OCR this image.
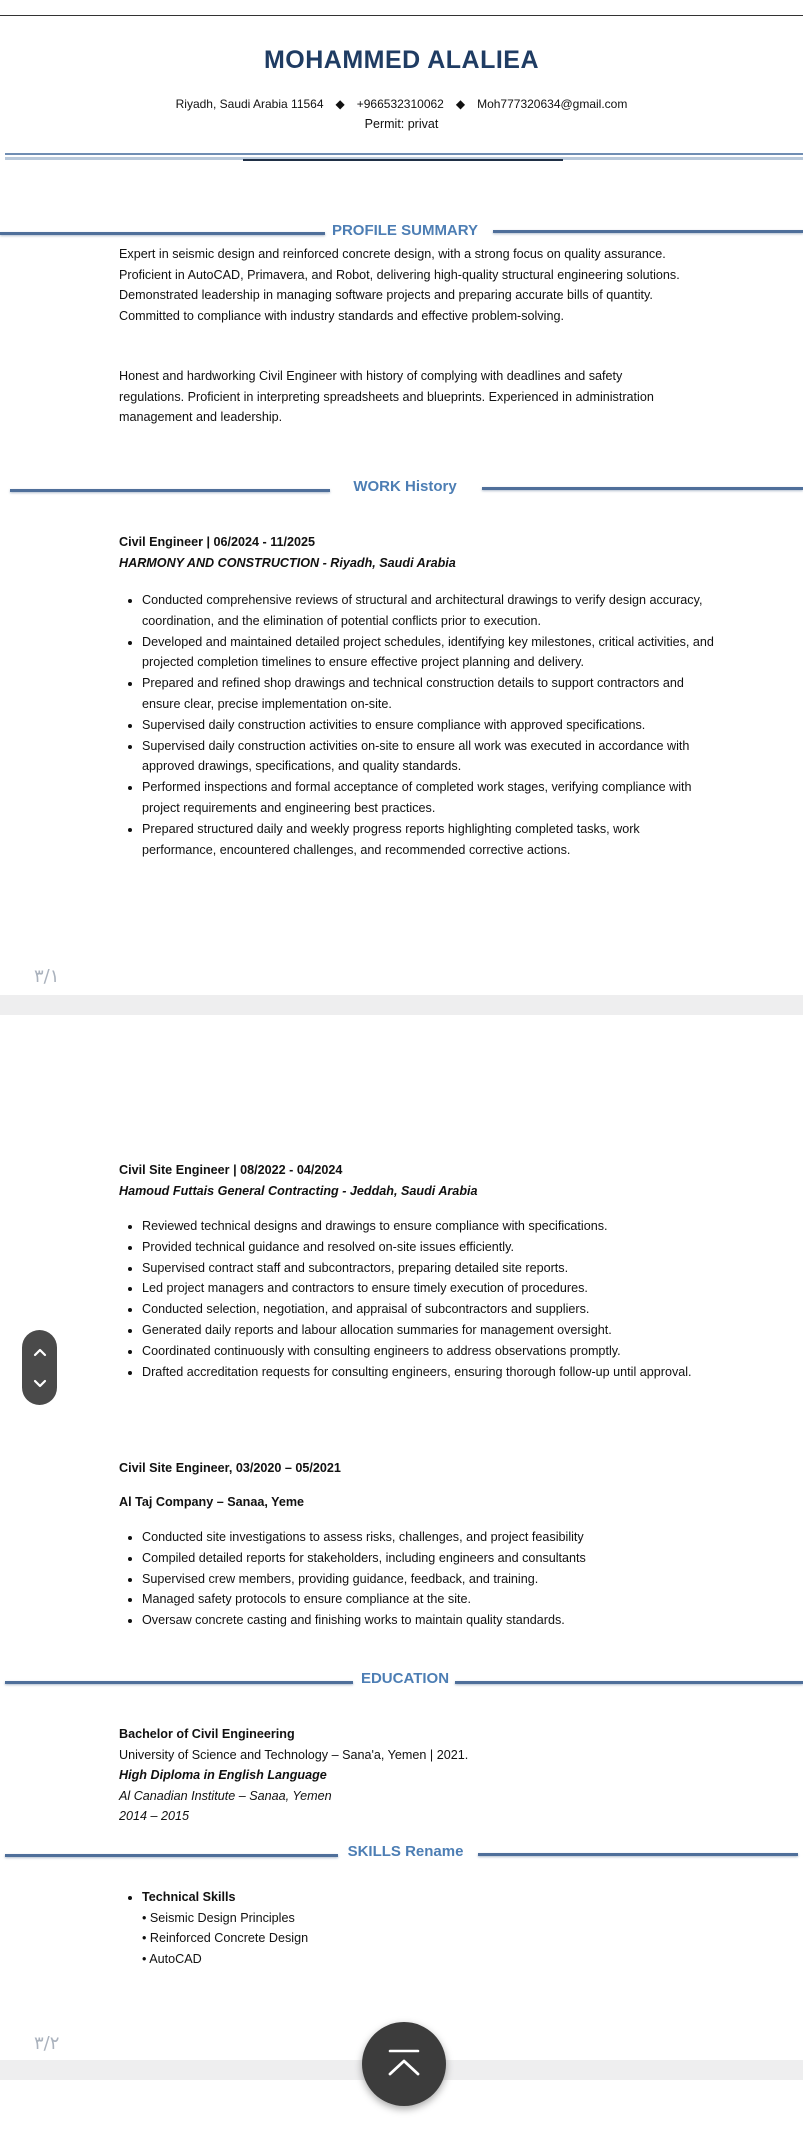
MOHAMMED ALALIEA
Riyadh, Saudi Arabia 11564 ◆ +966532310062 ◆ Moh777320634@gmail.com
Permit: privat
PROFILE SUMMARY
Expert in seismic design and reinforced concrete design, with a strong focus on quality assurance. Proficient in AutoCAD, Primavera, and Robot, delivering high-quality structural engineering solutions. Demonstrated leadership in managing software projects and preparing accurate bills of quantity. Committed to compliance with industry standards and effective problem-solving.
Honest and hardworking Civil Engineer with history of complying with deadlines and safety regulations. Proficient in interpreting spreadsheets and blueprints. Experienced in administration management and leadership.
WORK History
Civil Engineer | 06/2024 - 11/2025
HARMONY AND CONSTRUCTION - Riyadh, Saudi Arabia
• Conducted comprehensive reviews of structural and architectural drawings to verify design accuracy, coordination, and the elimination of potential conflicts prior to execution.
• Developed and maintained detailed project schedules, identifying key milestones, critical activities, and projected completion timelines to ensure effective project planning and delivery.
• Prepared and refined shop drawings and technical construction details to support contractors and ensure clear, precise implementation on-site.
• Supervised daily construction activities to ensure compliance with approved specifications.
• Supervised daily construction activities on-site to ensure all work was executed in accordance with approved drawings, specifications, and quality standards.
• Performed inspections and formal acceptance of completed work stages, verifying compliance with project requirements and engineering best practices.
• Prepared structured daily and weekly progress reports highlighting completed tasks, work performance, encountered challenges, and recommended corrective actions.
٣/١
Civil Site Engineer | 08/2022 - 04/2024
Hamoud Futtais General Contracting - Jeddah, Saudi Arabia
• Reviewed technical designs and drawings to ensure compliance with specifications.
• Provided technical guidance and resolved on-site issues efficiently.
• Supervised contract staff and subcontractors, preparing detailed site reports.
• Led project managers and contractors to ensure timely execution of procedures.
• Conducted selection, negotiation, and appraisal of subcontractors and suppliers.
• Generated daily reports and labour allocation summaries for management oversight.
• Coordinated continuously with consulting engineers to address observations promptly.
• Drafted accreditation requests for consulting engineers, ensuring thorough follow-up until approval.
Civil Site Engineer, 03/2020 – 05/2021
Al Taj Company – Sanaa, Yeme
• Conducted site investigations to assess risks, challenges, and project feasibility
• Compiled detailed reports for stakeholders, including engineers and consultants
• Supervised crew members, providing guidance, feedback, and training.
• Managed safety protocols to ensure compliance at the site.
• Oversaw concrete casting and finishing works to maintain quality standards.
EDUCATION
Bachelor of Civil Engineering
University of Science and Technology – Sana'a, Yemen | 2021.
High Diploma in English Language
Al Canadian Institute – Sanaa, Yemen
2014 – 2015
SKILLS Rename
• Technical Skills
• Seismic Design Principles
• Reinforced Concrete Design
• AutoCAD
٣/٢
